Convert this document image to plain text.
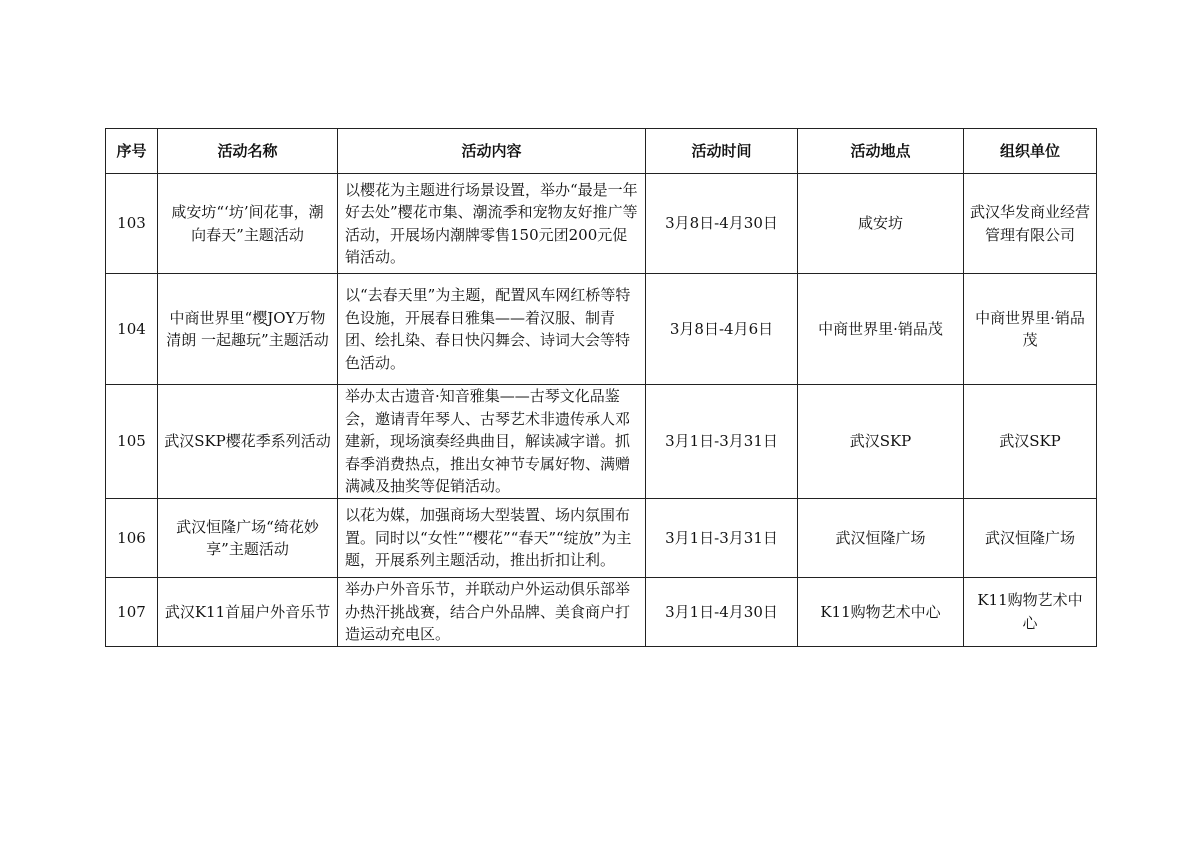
序号	活动名称	活动内容	活动时间	活动地点	组织单位
103	咸安坊“‘坊’间花事，潮向春天”主题活动	以樱花为主题进行场景设置，举办“最是一年好去处”樱花市集、潮流季和宠物友好推广等活动，开展场内潮牌零售150元团200元促销活动。	3月8日-4月30日	咸安坊	武汉华发商业经营管理有限公司
104	中商世界里“樱JOY万物清朗 一起趣玩”主题活动	以“去春天里”为主题，配置风车网红桥等特色设施，开展春日雅集——着汉服、制青团、绘扎染、春日快闪舞会、诗词大会等特色活动。	3月8日-4月6日	中商世界里·销品茂	中商世界里·销品茂
105	武汉SKP樱花季系列活动	举办太古遗音·知音雅集——古琴文化品鉴会，邀请青年琴人、古琴艺术非遗传承人邓建新，现场演奏经典曲目，解读减字谱。抓春季消费热点，推出女神节专属好物、满赠满减及抽奖等促销活动。	3月1日-3月31日	武汉SKP	武汉SKP
106	武汉恒隆广场“绮花妙享”主题活动	以花为媒，加强商场大型装置、场内氛围布置。同时以“女性”“樱花”“春天”“绽放”为主题，开展系列主题活动，推出折扣让利。	3月1日-3月31日	武汉恒隆广场	武汉恒隆广场
107	武汉K11首届户外音乐节	举办户外音乐节，并联动户外运动俱乐部举办热汗挑战赛，结合户外品牌、美食商户打造运动充电区。	3月1日-4月30日	K11购物艺术中心	K11购物艺术中心
